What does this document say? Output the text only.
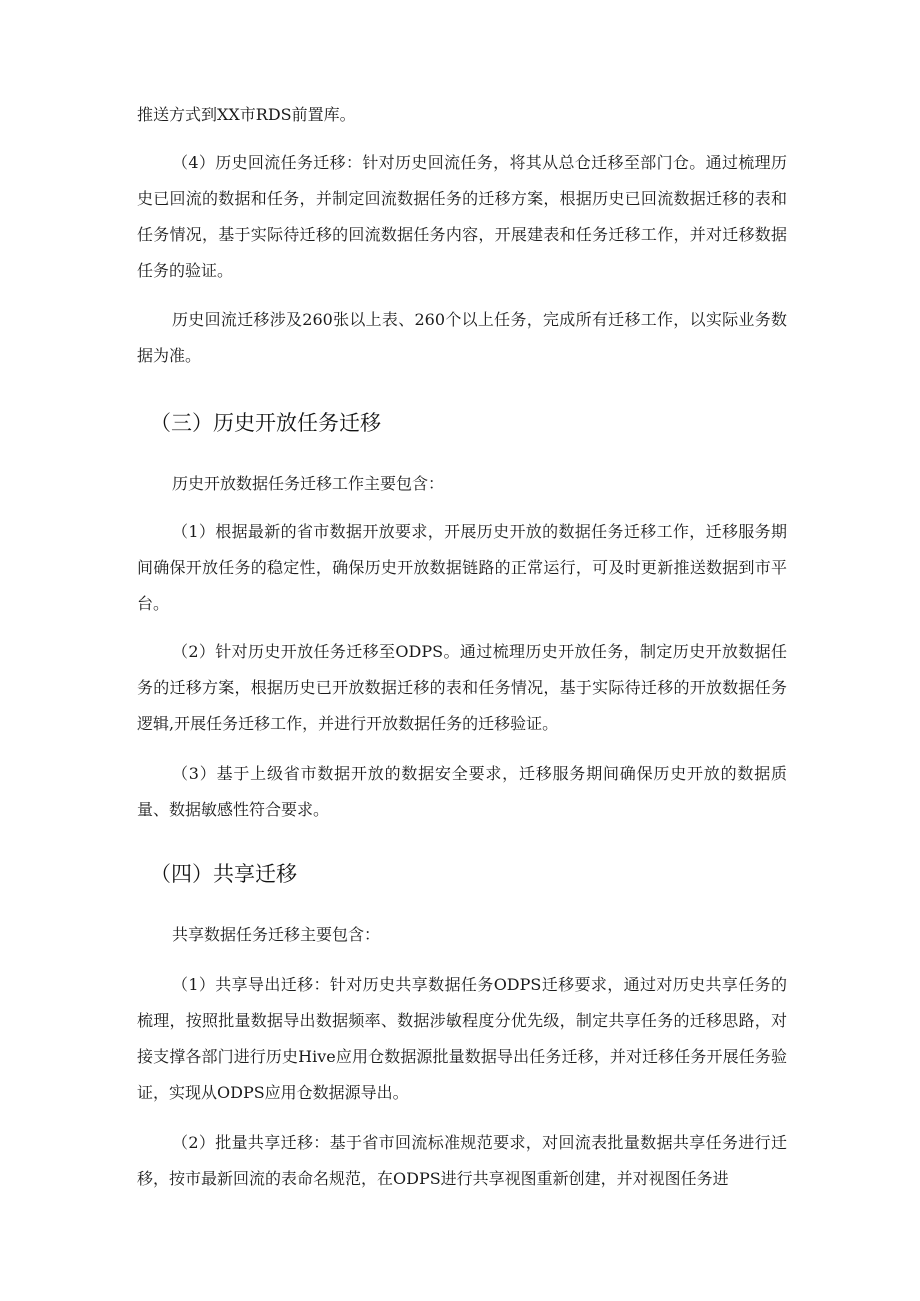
推送方式到XX市RDS前置库。

（4）历史回流任务迁移：针对历史回流任务，将其从总仓迁移至部门仓。通过梳理历史已回流的数据和任务，并制定回流数据任务的迁移方案，根据历史已回流数据迁移的表和任务情况，基于实际待迁移的回流数据任务内容，开展建表和任务迁移工作，并对迁移数据任务的验证。

历史回流迁移涉及260张以上表、260个以上任务，完成所有迁移工作，以实际业务数据为准。

（三）历史开放任务迁移

历史开放数据任务迁移工作主要包含：

（1）根据最新的省市数据开放要求，开展历史开放的数据任务迁移工作，迁移服务期间确保开放任务的稳定性，确保历史开放数据链路的正常运行，可及时更新推送数据到市平台。

（2）针对历史开放任务迁移至ODPS。通过梳理历史开放任务，制定历史开放数据任务的迁移方案，根据历史已开放数据迁移的表和任务情况，基于实际待迁移的开放数据任务逻辑,开展任务迁移工作，并进行开放数据任务的迁移验证。

（3）基于上级省市数据开放的数据安全要求，迁移服务期间确保历史开放的数据质量、数据敏感性符合要求。

（四）共享迁移

共享数据任务迁移主要包含：

（1）共享导出迁移：针对历史共享数据任务ODPS迁移要求，通过对历史共享任务的梳理，按照批量数据导出数据频率、数据涉敏程度分优先级，制定共享任务的迁移思路，对接支撑各部门进行历史Hive应用仓数据源批量数据导出任务迁移，并对迁移任务开展任务验证，实现从ODPS应用仓数据源导出。

（2）批量共享迁移：基于省市回流标准规范要求，对回流表批量数据共享任务进行迁移，按市最新回流的表命名规范，在ODPS进行共享视图重新创建，并对视图任务进
